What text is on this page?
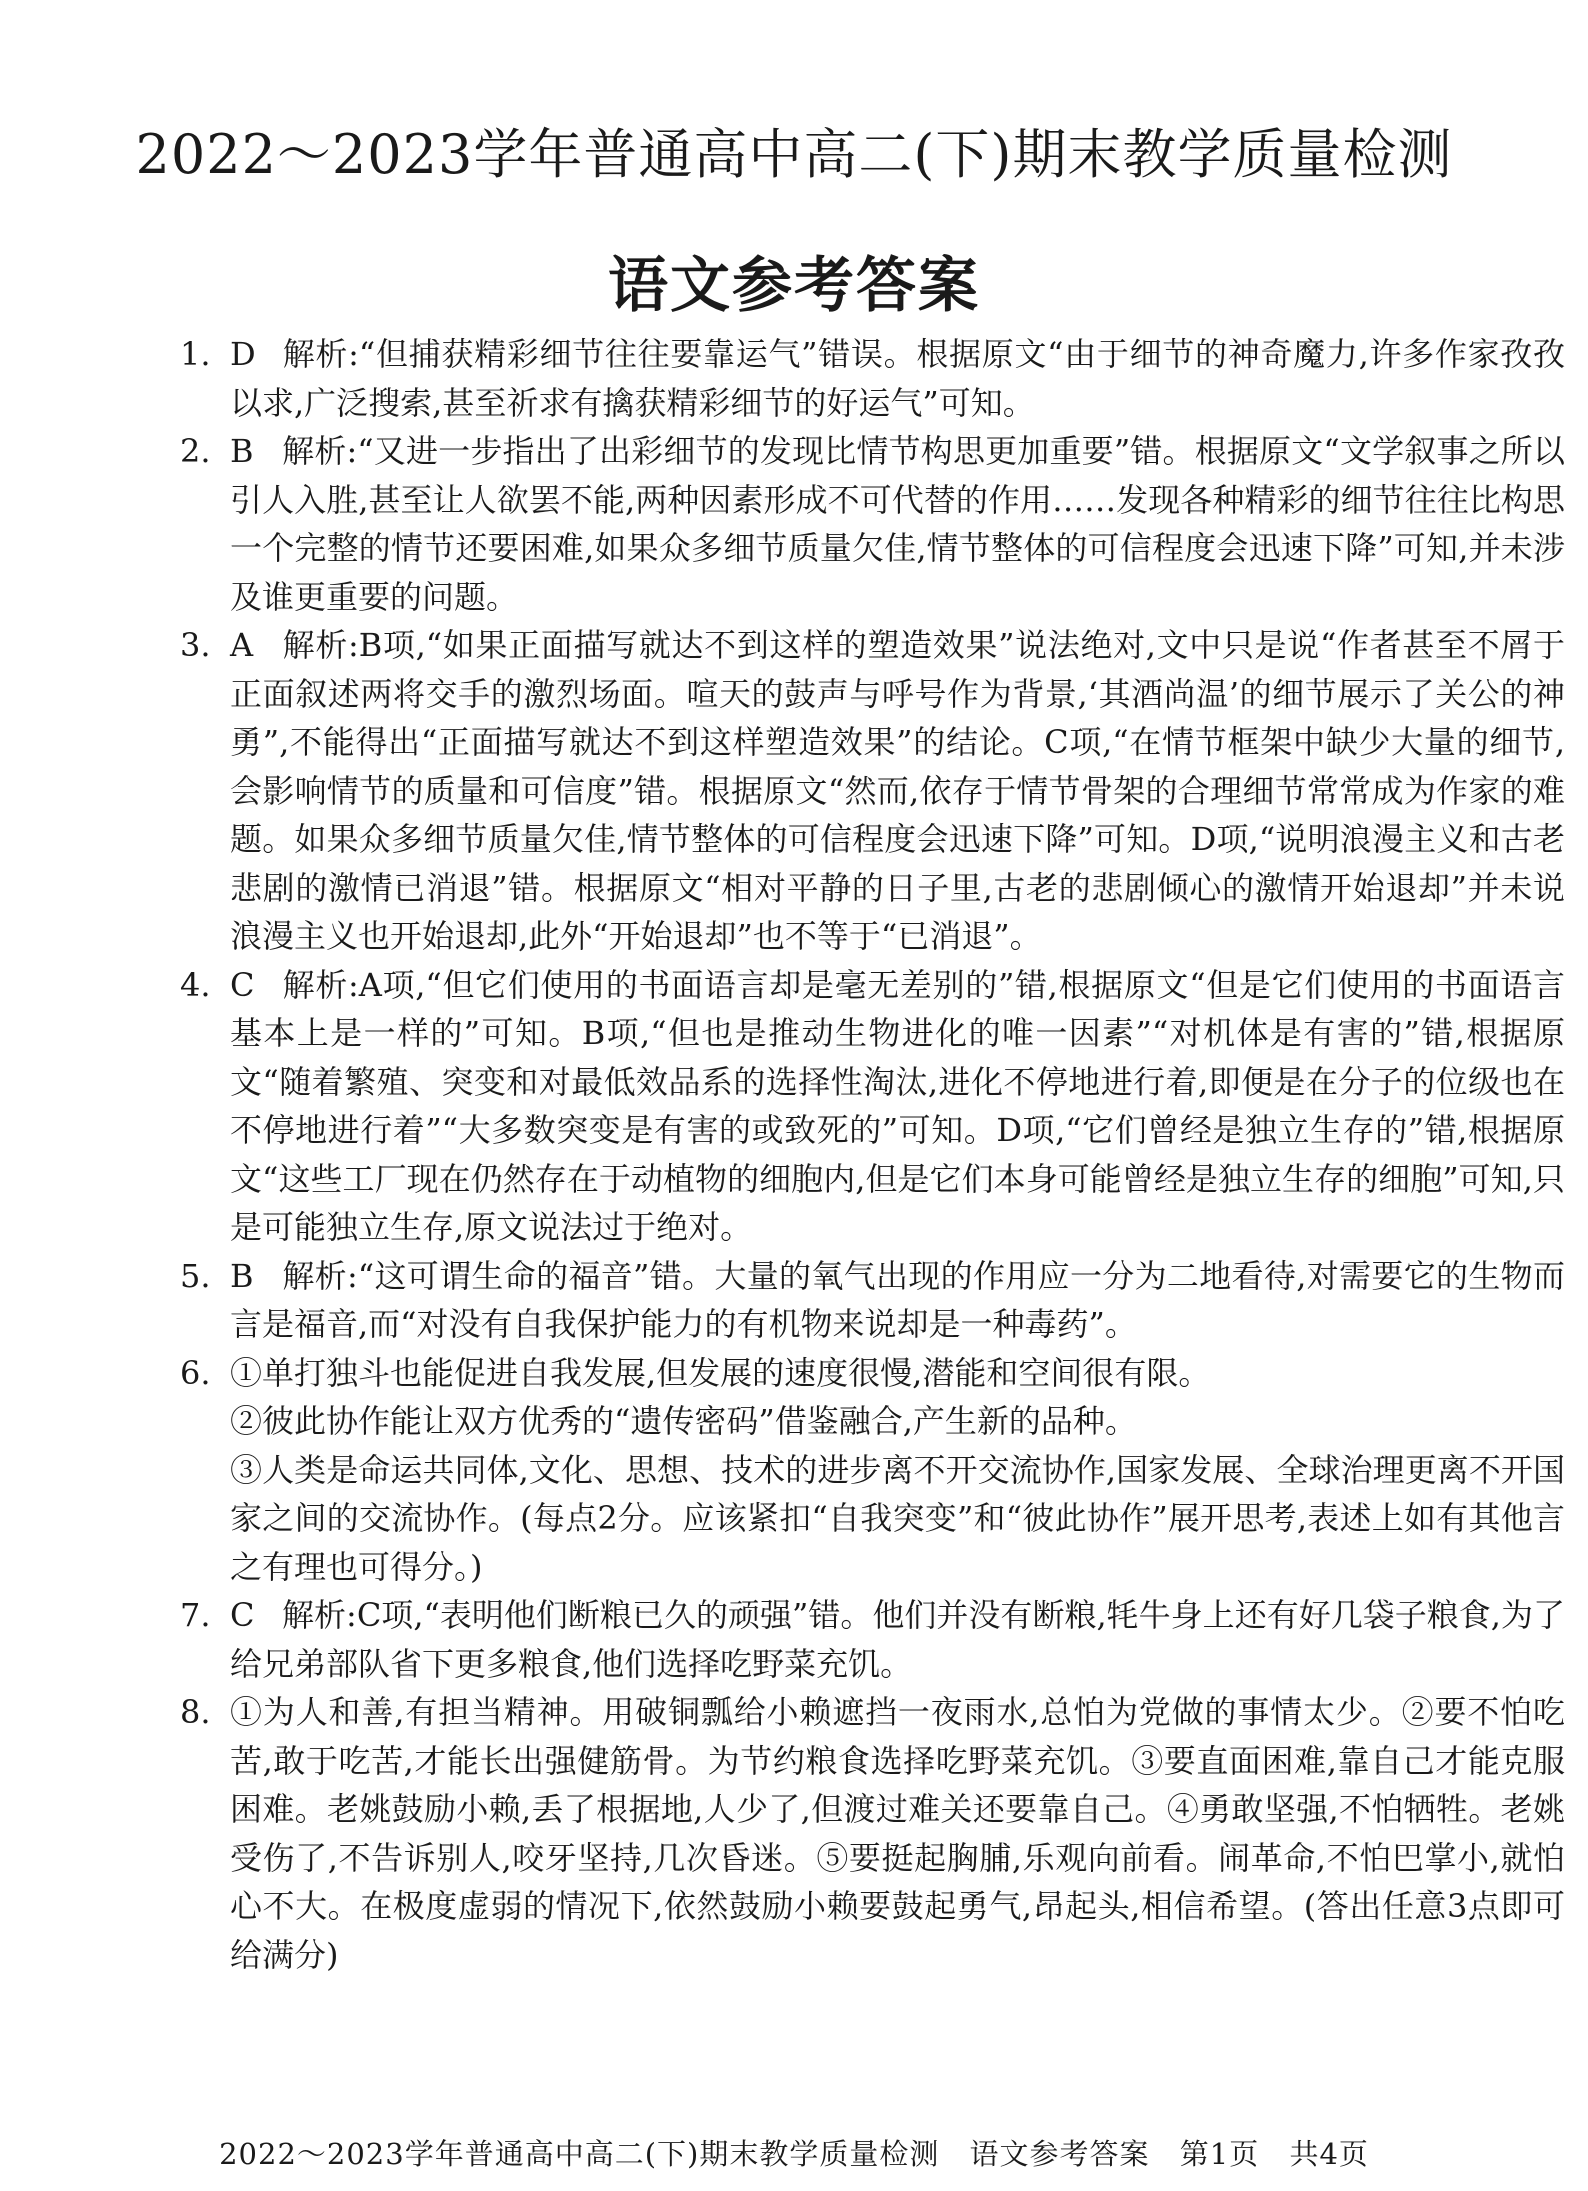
2022～2023学年普通高中高二(下)期末教学质量检测
语文参考答案
1. D 解析:“但捕获精彩细节往往要靠运气”错误。根据原文“由于细节的神奇魔力,许多作家孜孜以求,广泛搜索,甚至祈求有擒获精彩细节的好运气”可知。
2. B 解析:“又进一步指出了出彩细节的发现比情节构思更加重要”错。根据原文“文学叙事之所以引人入胜,甚至让人欲罢不能,两种因素形成不可代替的作用……发现各种精彩的细节往往比构思一个完整的情节还要困难,如果众多细节质量欠佳,情节整体的可信程度会迅速下降”可知,并未涉及谁更重要的问题。
3. A 解析:B项,“如果正面描写就达不到这样的塑造效果”说法绝对,文中只是说“作者甚至不屑于正面叙述两将交手的激烈场面。喧天的鼓声与呼号作为背景,‘其酒尚温’的细节展示了关公的神勇”,不能得出“正面描写就达不到这样塑造效果”的结论。C项,“在情节框架中缺少大量的细节,会影响情节的质量和可信度”错。根据原文“然而,依存于情节骨架的合理细节常常成为作家的难题。如果众多细节质量欠佳,情节整体的可信程度会迅速下降”可知。D项,“说明浪漫主义和古老悲剧的激情已消退”错。根据原文“相对平静的日子里,古老的悲剧倾心的激情开始退却”并未说浪漫主义也开始退却,此外“开始退却”也不等于“已消退”。
4. C 解析:A项,“但它们使用的书面语言却是毫无差别的”错,根据原文“但是它们使用的书面语言基本上是一样的”可知。B项,“但也是推动生物进化的唯一因素”“对机体是有害的”错,根据原文“随着繁殖、突变和对最低效品系的选择性淘汰,进化不停地进行着,即便是在分子的位级也在不停地进行着”“大多数突变是有害的或致死的”可知。D项,“它们曾经是独立生存的”错,根据原文“这些工厂现在仍然存在于动植物的细胞内,但是它们本身可能曾经是独立生存的细胞”可知,只是可能独立生存,原文说法过于绝对。
5. B 解析:“这可谓生命的福音”错。大量的氧气出现的作用应一分为二地看待,对需要它的生物而言是福音,而“对没有自我保护能力的有机物来说却是一种毒药”。
6. ①单打独斗也能促进自我发展,但发展的速度很慢,潜能和空间很有限。
②彼此协作能让双方优秀的“遗传密码”借鉴融合,产生新的品种。
③人类是命运共同体,文化、思想、技术的进步离不开交流协作,国家发展、全球治理更离不开国家之间的交流协作。(每点2分。应该紧扣“自我突变”和“彼此协作”展开思考,表述上如有其他言之有理也可得分。)
7. C 解析:C项,“表明他们断粮已久的顽强”错。他们并没有断粮,牦牛身上还有好几袋子粮食,为了给兄弟部队省下更多粮食,他们选择吃野菜充饥。
8. ①为人和善,有担当精神。用破铜瓢给小赖遮挡一夜雨水,总怕为党做的事情太少。②要不怕吃苦,敢于吃苦,才能长出强健筋骨。为节约粮食选择吃野菜充饥。③要直面困难,靠自己才能克服困难。老姚鼓励小赖,丢了根据地,人少了,但渡过难关还要靠自己。④勇敢坚强,不怕牺牲。老姚受伤了,不告诉别人,咬牙坚持,几次昏迷。⑤要挺起胸脯,乐观向前看。闹革命,不怕巴掌小,就怕心不大。在极度虚弱的情况下,依然鼓励小赖要鼓起勇气,昂起头,相信希望。(答出任意3点即可给满分)
2022～2023学年普通高中高二(下)期末教学质量检测 语文参考答案 第1页 共4页
